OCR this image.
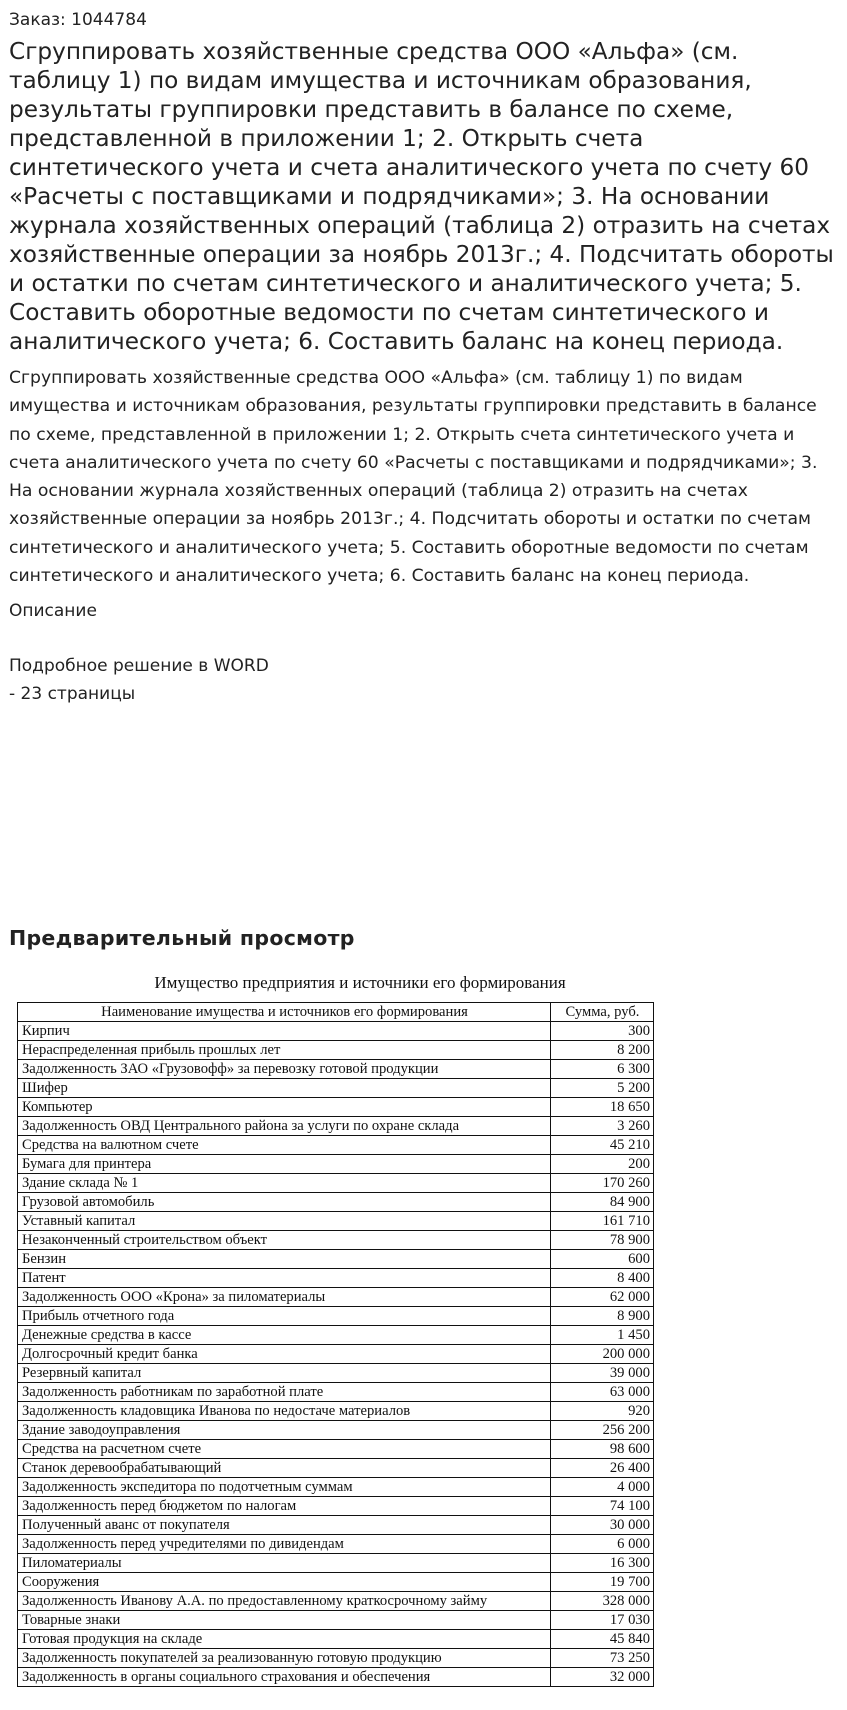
Заказ: 1044784
Сгруппировать хозяйственные средства ООО «Альфа» (см. таблицу 1) по видам имущества и источникам образования, результаты группировки представить в балансе по схеме, представленной в приложении 1; 2. Открыть счета синтетического учета и счета аналитического учета по счету 60 «Расчеты с поставщиками и подрядчиками»; 3. На основании журнала хозяйственных операций (таблица 2) отразить на счетах хозяйственные операции за ноябрь 2013г.; 4. Подсчитать обороты и остатки по счетам синтетического и аналитического учета; 5. Составить оборотные ведомости по счетам синтетического и аналитического учета; 6. Составить баланс на конец периода.
Сгруппировать хозяйственные средства ООО «Альфа» (см. таблицу 1) по видам имущества и источникам образования, результаты группировки представить в балансе по схеме, представленной в приложении 1; 2. Открыть счета синтетического учета и счета аналитического учета по счету 60 «Расчеты с поставщиками и подрядчиками»; 3. На основании журнала хозяйственных операций (таблица 2) отразить на счетах хозяйственные операции за ноябрь 2013г.; 4. Подсчитать обороты и остатки по счетам синтетического и аналитического учета; 5. Составить оборотные ведомости по счетам синтетического и аналитического учета; 6. Составить баланс на конец периода.
Описание
Подробное решение в WORD - 23 страницы
Предварительный просмотр
Имущество предприятия и источники его формирования
Наименование имущества и источников его формирования	Сумма, руб.
Кирпич	300
Нераспределенная прибыль прошлых лет	8 200
Задолженность ЗАО «Грузовофф» за перевозку готовой продукции	6 300
Шифер	5 200
Компьютер	18 650
Задолженность ОВД Центрального района за услуги по охране склада	3 260
Средства на валютном счете	45 210
Бумага для принтера	200
Здание склада № 1	170 260
Грузовой автомобиль	84 900
Уставный капитал	161 710
Незаконченный строительством объект	78 900
Бензин	600
Патент	8 400
Задолженность ООО «Крона» за пиломатериалы	62 000
Прибыль отчетного года	8 900
Денежные средства в кассе	1 450
Долгосрочный кредит банка	200 000
Резервный капитал	39 000
Задолженность работникам по заработной плате	63 000
Задолженность кладовщика Иванова по недостаче материалов	920
Здание заводоуправления	256 200
Средства на расчетном счете	98 600
Станок деревообрабатывающий	26 400
Задолженность экспедитора по подотчетным суммам	4 000
Задолженность перед бюджетом по налогам	74 100
Полученный аванс от покупателя	30 000
Задолженность перед учредителями по дивидендам	6 000
Пиломатериалы	16 300
Сооружения	19 700
Задолженность Иванову А.А. по предоставленному краткосрочному займу	328 000
Товарные знаки	17 030
Готовая продукция на складе	45 840
Задолженность покупателей за реализованную готовую продукцию	73 250
Задолженность в органы социального страхования и обеспечения	32 000
